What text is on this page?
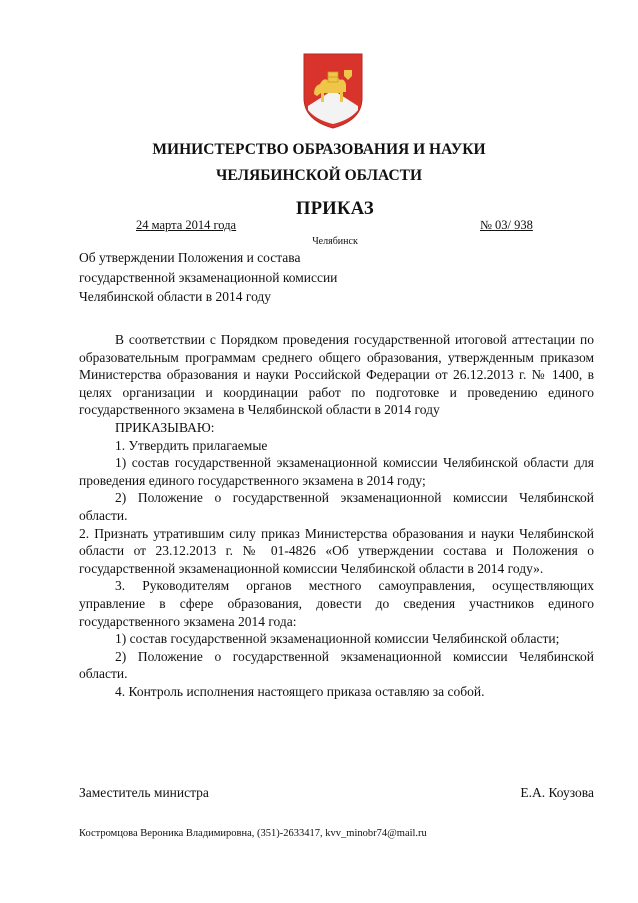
МИНИСТЕРСТВО ОБРАЗОВАНИЯ И НАУКИ
ЧЕЛЯБИНСКОЙ ОБЛАСТИ
ПРИКАЗ
24 марта 2014 года	№ 03/ 938
Челябинск
Об утверждении Положения и состава государственной экзаменационной комиссии Челябинской области в 2014 году

В соответствии с Порядком проведения государственной итоговой аттестации по образовательным программам среднего общего образования, утвержденным приказом Министерства образования и науки Российской Федерации от 26.12.2013 г. № 1400, в целях организации и координации работ по подготовке и проведению единого государственного экзамена в Челябинской области в 2014 году

ПРИКАЗЫВАЮ:

1. Утвердить прилагаемые

1) состав государственной экзаменационной комиссии Челябинской области для проведения единого государственного экзамена в 2014 году;

2) Положение о государственной экзаменационной комиссии Челябинской области.

2. Признать утратившим силу приказ Министерства образования и науки Челябинской области от 23.12.2013 г. № 01-4826 «Об утверждении состава и Положения о государственной экзаменационной комиссии Челябинской области в 2014 году».

3. Руководителям органов местного самоуправления, осуществляющих управление в сфере образования, довести до сведения участников единого государственного экзамена 2014 года:

1) состав государственной экзаменационной комиссии Челябинской области;

2) Положение о государственной экзаменационной комиссии Челябинской области.

4. Контроль исполнения настоящего приказа оставляю за собой.

Заместитель министра	Е.А. Коузова
Костромцова Вероника Владимировна, (351)-2633417, kvv_minobr74@mail.ru
